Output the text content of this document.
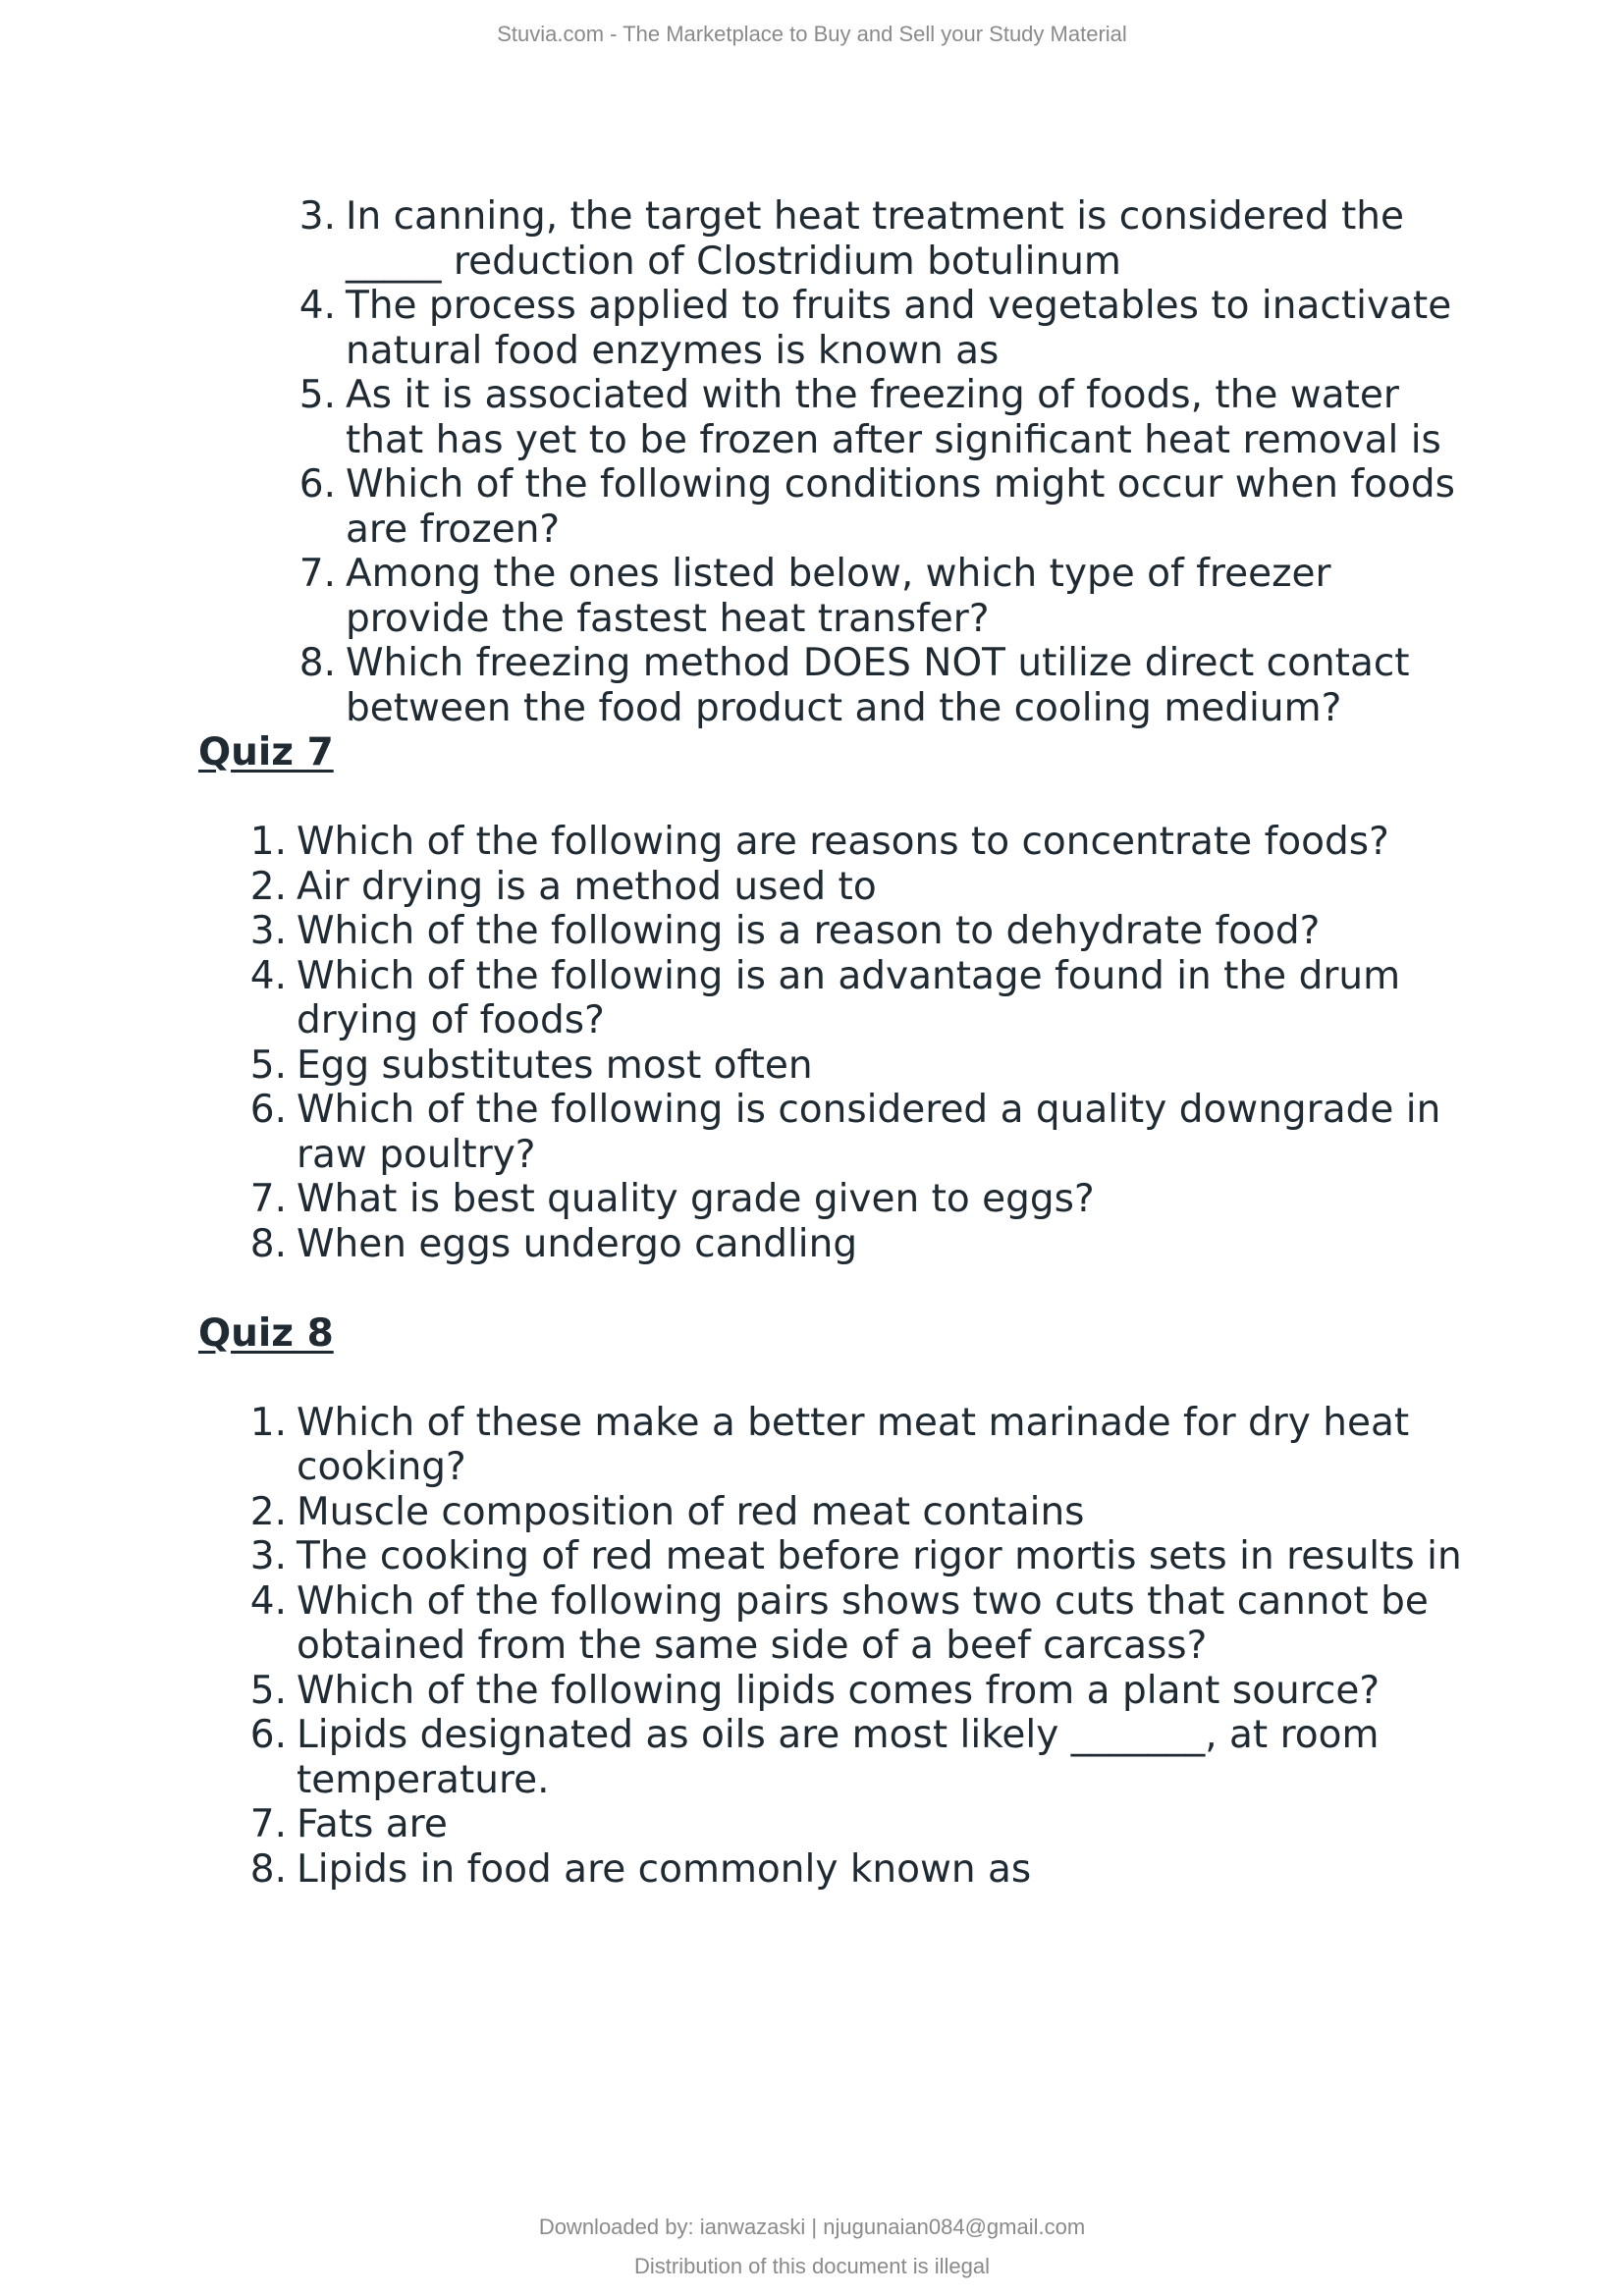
Stuvia.com - The Marketplace to Buy and Sell your Study Material
3. In canning, the target heat treatment is considered the _____ reduction of Clostridium botulinum
4. The process applied to fruits and vegetables to inactivate natural food enzymes is known as
5. As it is associated with the freezing of foods, the water that has yet to be frozen after significant heat removal is
6. Which of the following conditions might occur when foods are frozen?
7. Among the ones listed below, which type of freezer provide the fastest heat transfer?
8. Which freezing method DOES NOT utilize direct contact between the food product and the cooling medium?
Quiz 7
1. Which of the following are reasons to concentrate foods?
2. Air drying is a method used to
3. Which of the following is a reason to dehydrate food?
4. Which of the following is an advantage found in the drum drying of foods?
5. Egg substitutes most often
6. Which of the following is considered a quality downgrade in raw poultry?
7. What is best quality grade given to eggs?
8. When eggs undergo candling
Quiz 8
1. Which of these make a better meat marinade for dry heat cooking?
2. Muscle composition of red meat contains
3. The cooking of red meat before rigor mortis sets in results in
4. Which of the following pairs shows two cuts that cannot be obtained from the same side of a beef carcass?
5. Which of the following lipids comes from a plant source?
6. Lipids designated as oils are most likely _______, at room temperature.
7. Fats are
8. Lipids in food are commonly known as
Downloaded by: ianwazaski | njugunaian084@gmail.com
Distribution of this document is illegal
